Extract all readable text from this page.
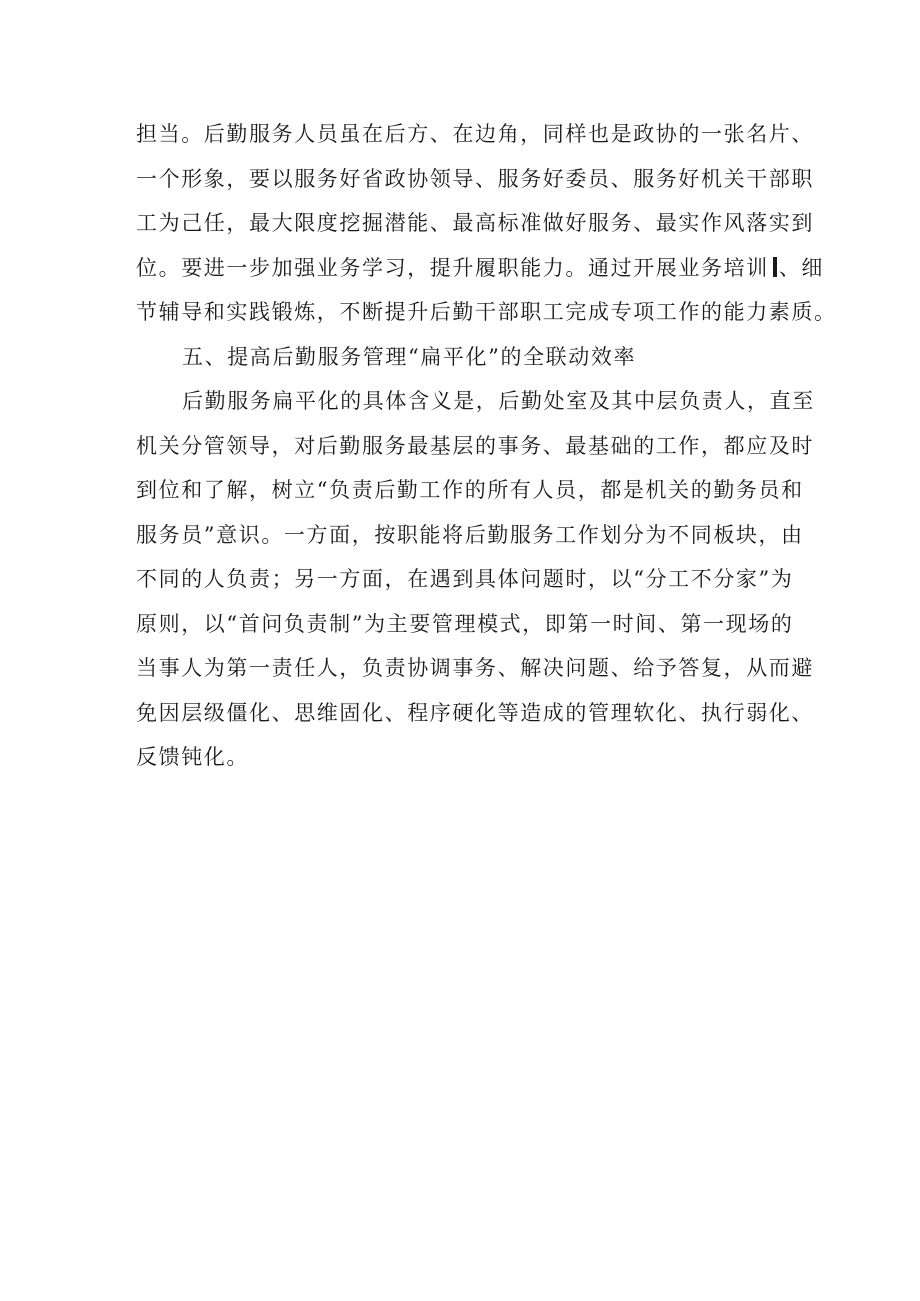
担当。后勤服务人员虽在后方、在边角，同样也是政协的一张名片、
一个形象，要以服务好省政协领导、服务好委员、服务好机关干部职
工为己任，最大限度挖掘潜能、最高标准做好服务、最实作风落实到
位。要进一步加强业务学习，提升履职能力。通过开展业务培训 、细
节辅导和实践锻炼，不断提升后勤干部职工完成专项工作的能力素质。
五、提高后勤服务管理“扁平化”的全联动效率
后勤服务扁平化的具体含义是，后勤处室及其中层负责人，直至
机关分管领导，对后勤服务最基层的事务、最基础的工作，都应及时
到位和了解，树立“负责后勤工作的所有人员，都是机关的勤务员和
服务员”意识。一方面，按职能将后勤服务工作划分为不同板块，由
不同的人负责；另一方面，在遇到具体问题时，以“分工不分家”为
原则，以“首问负责制”为主要管理模式，即第一时间、第一现场的
当事人为第一责任人，负责协调事务、解决问题、给予答复，从而避
免因层级僵化、思维固化、程序硬化等造成的管理软化、执行弱化、
反馈钝化。
